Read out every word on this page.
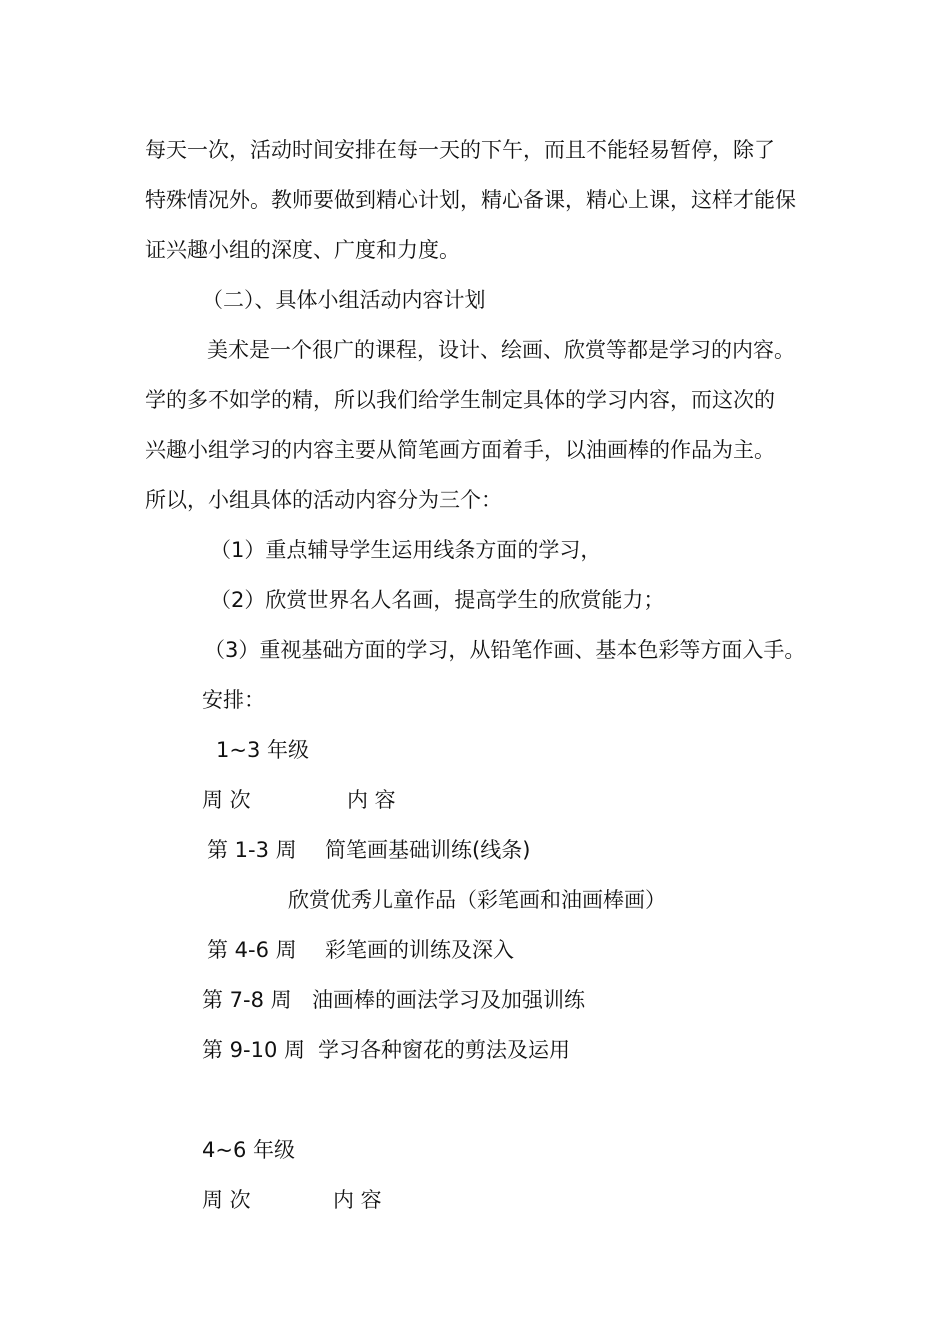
每天一次，活动时间安排在每一天的下午，而且不能轻易暂停，除了
特殊情况外。教师要做到精心计划，精心备课，精心上课，这样才能保
证兴趣小组的深度、广度和力度。
（二）、具体小组活动内容计划
美术是一个很广的课程，设计、绘画、欣赏等都是学习的内容。
学的多不如学的精，所以我们给学生制定具体的学习内容，而这次的
兴趣小组学习的内容主要从简笔画方面着手，以油画棒的作品为主。
所以，小组具体的活动内容分为三个：
（1）重点辅导学生运用线条方面的学习，
（2）欣赏世界名人名画，提高学生的欣赏能力；
（3）重视基础方面的学习，从铅笔作画、基本色彩等方面入手。
安排：
1~3 年级
周 次	内 容
第 1-3 周 简笔画基础训练(线条)
欣赏优秀儿童作品（彩笔画和油画棒画）
第 4-6 周 彩笔画的训练及深入
第 7-8 周 油画棒的画法学习及加强训练
第 9-10 周 学习各种窗花的剪法及运用
4~6 年级
周 次	内 容
